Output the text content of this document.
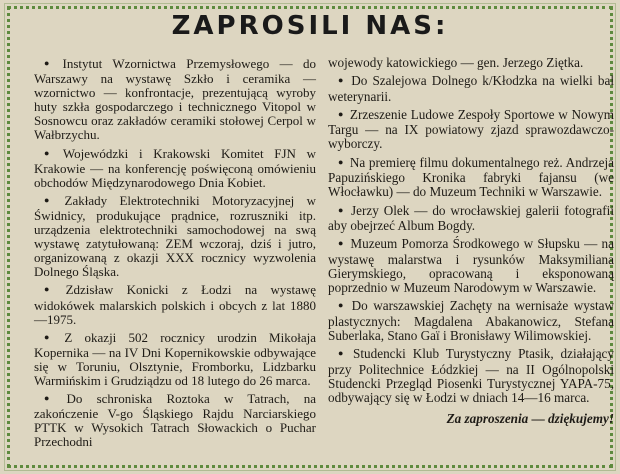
ZAPROSILI NAS:

● Instytut Wzornictwa Przemysłowego — do Warszawy na wystawę Szkło i ceramika — wzornictwo — konfrontacje, prezentującą wyroby huty szkła gospodarczego i technicznego Vitopol w Sosnowcu oraz zakładów ceramiki stołowej Cerpol w Wałbrzychu.

● Wojewódzki i Krakowski Komitet FJN w Krakowie — na konferencję poświęconą omówieniu obchodów Międzynarodowego Dnia Kobiet.

● Zakłady Elektrotechniki Motoryzacyjnej w Świdnicy, produkujące prądnice, rozruszniki itp. urządzenia elektrotechniki samochodowej na swą wystawę zatytułowaną: ZEM wczoraj, dziś i jutro, organizowaną z okazji XXX rocznicy wyzwolenia Dolnego Śląska.

● Zdzisław Konicki z Łodzi na wystawę widokówek malarskich polskich i obcych z lat 1880—1975.

● Z okazji 502 rocznicy urodzin Mikołaja Kopernika — na IV Dni Kopernikowskie odbywające się w Toruniu, Olsztynie, Fromborku, Lidzbarku Warmińskim i Grudziądzu od 18 lutego do 26 marca.

● Do schroniska Roztoka w Tatrach, na zakończenie V-go Śląskiego Rajdu Narciarskiego PTTK w Wysokich Tatrach Słowackich o Puchar Przechodni

wojewody katowickiego — gen. Jerzego Ziętka.

● Do Szalejowa Dolnego k/Kłodzka na wielki bal weterynarii.

● Zrzeszenie Ludowe Zespoły Sportowe w Nowym Targu — na IX powiatowy zjazd sprawozdawczo-wyborczy.

● Na premierę filmu dokumentalnego reż. Andrzeja Papuzińskiego Kronika fabryki fajansu (we Włocławku) — do Muzeum Techniki w Warszawie.

● Jerzy Olek — do wrocławskiej galerii fotografii aby obejrzeć Album Bogdy.

● Muzeum Pomorza Środkowego w Słupsku — na wystawę malarstwa i rysunków Maksymiliana Gierymskiego, opracowaną i eksponowaną poprzednio w Muzeum Narodowym w Warszawie.

● Do warszawskiej Zachęty na wernisaże wystaw plastycznych: Magdalena Abakanowicz, Stefana Suberlaka, Stano Gaï i Bronisławy Wilimowskiej.

● Studencki Klub Turystyczny Ptasik, działający przy Politechnice Łódzkiej — na II Ogólnopolski Studencki Przegląd Piosenki Turystycznej YAPA-75, odbywający się w Łodzi w dniach 14—16 marca.

Za zaproszenia — dziękujemy!
